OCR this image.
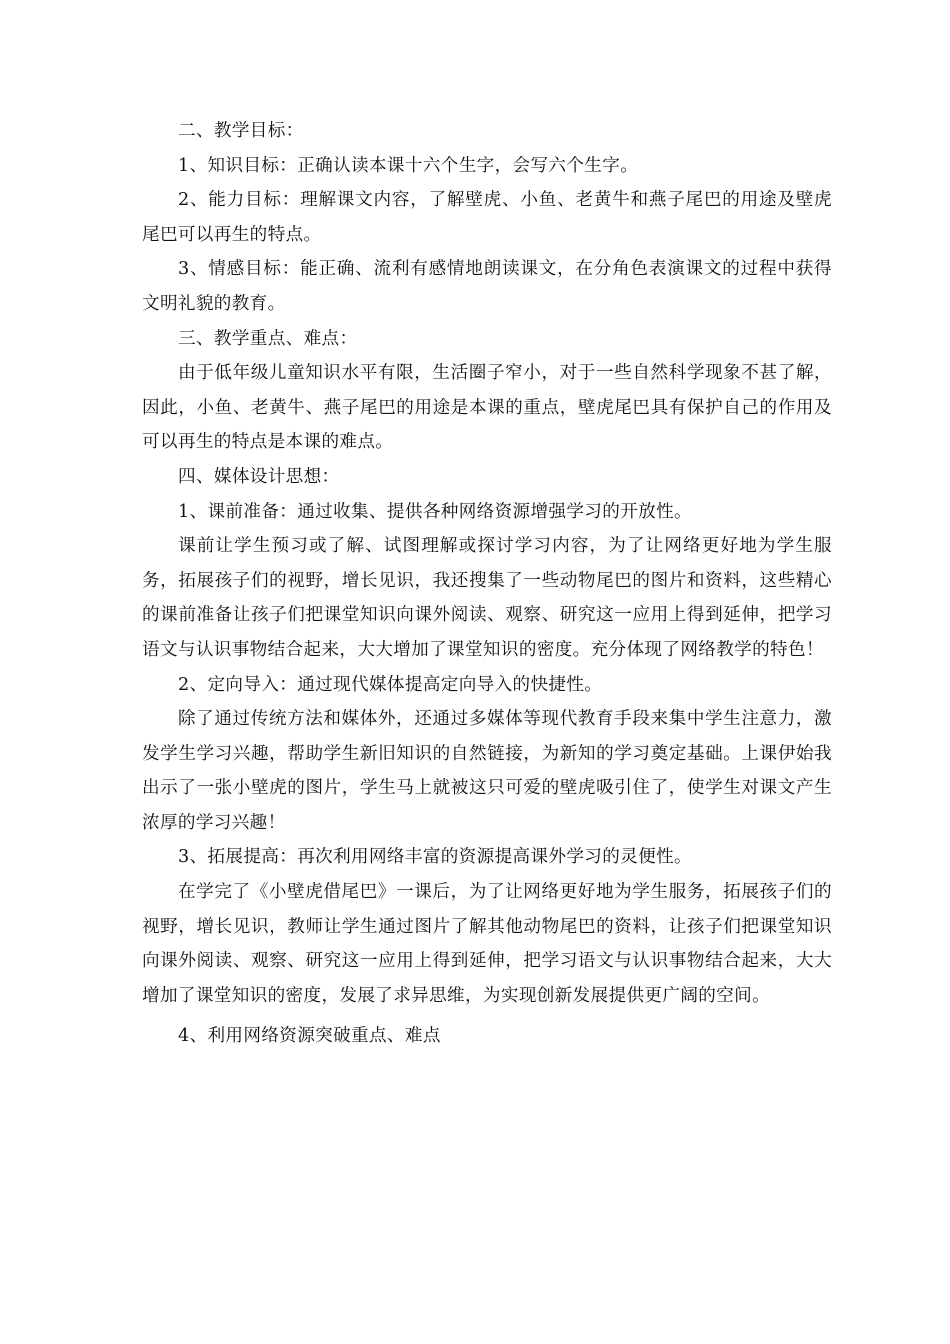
二、教学目标：

1、知识目标：正确认读本课十六个生字，会写六个生字。

2、能力目标：理解课文内容，了解壁虎、小鱼、老黄牛和燕子尾巴的用途及壁虎尾巴可以再生的特点。

3、情感目标：能正确、流利有感情地朗读课文，在分角色表演课文的过程中获得文明礼貌的教育。

三、教学重点、难点：

由于低年级儿童知识水平有限，生活圈子窄小，对于一些自然科学现象不甚了解，因此，小鱼、老黄牛、燕子尾巴的用途是本课的重点，壁虎尾巴具有保护自己的作用及可以再生的特点是本课的难点。

四、媒体设计思想：

1、课前准备：通过收集、提供各种网络资源增强学习的开放性。

课前让学生预习或了解、试图理解或探讨学习内容，为了让网络更好地为学生服务，拓展孩子们的视野，增长见识，我还搜集了一些动物尾巴的图片和资料，这些精心的课前准备让孩子们把课堂知识向课外阅读、观察、研究这一应用上得到延伸，把学习语文与认识事物结合起来，大大增加了课堂知识的密度。充分体现了网络教学的特色！

2、定向导入：通过现代媒体提高定向导入的快捷性。

除了通过传统方法和媒体外，还通过多媒体等现代教育手段来集中学生注意力，激发学生学习兴趣，帮助学生新旧知识的自然链接，为新知的学习奠定基础。上课伊始我出示了一张小壁虎的图片，学生马上就被这只可爱的壁虎吸引住了，使学生对课文产生浓厚的学习兴趣！

3、拓展提高：再次利用网络丰富的资源提高课外学习的灵便性。

在学完了《小壁虎借尾巴》一课后，为了让网络更好地为学生服务，拓展孩子们的视野，增长见识，教师让学生通过图片了解其他动物尾巴的资料，让孩子们把课堂知识向课外阅读、观察、研究这一应用上得到延伸，把学习语文与认识事物结合起来，大大增加了课堂知识的密度，发展了求异思维，为实现创新发展提供更广阔的空间。

4、利用网络资源突破重点、难点
